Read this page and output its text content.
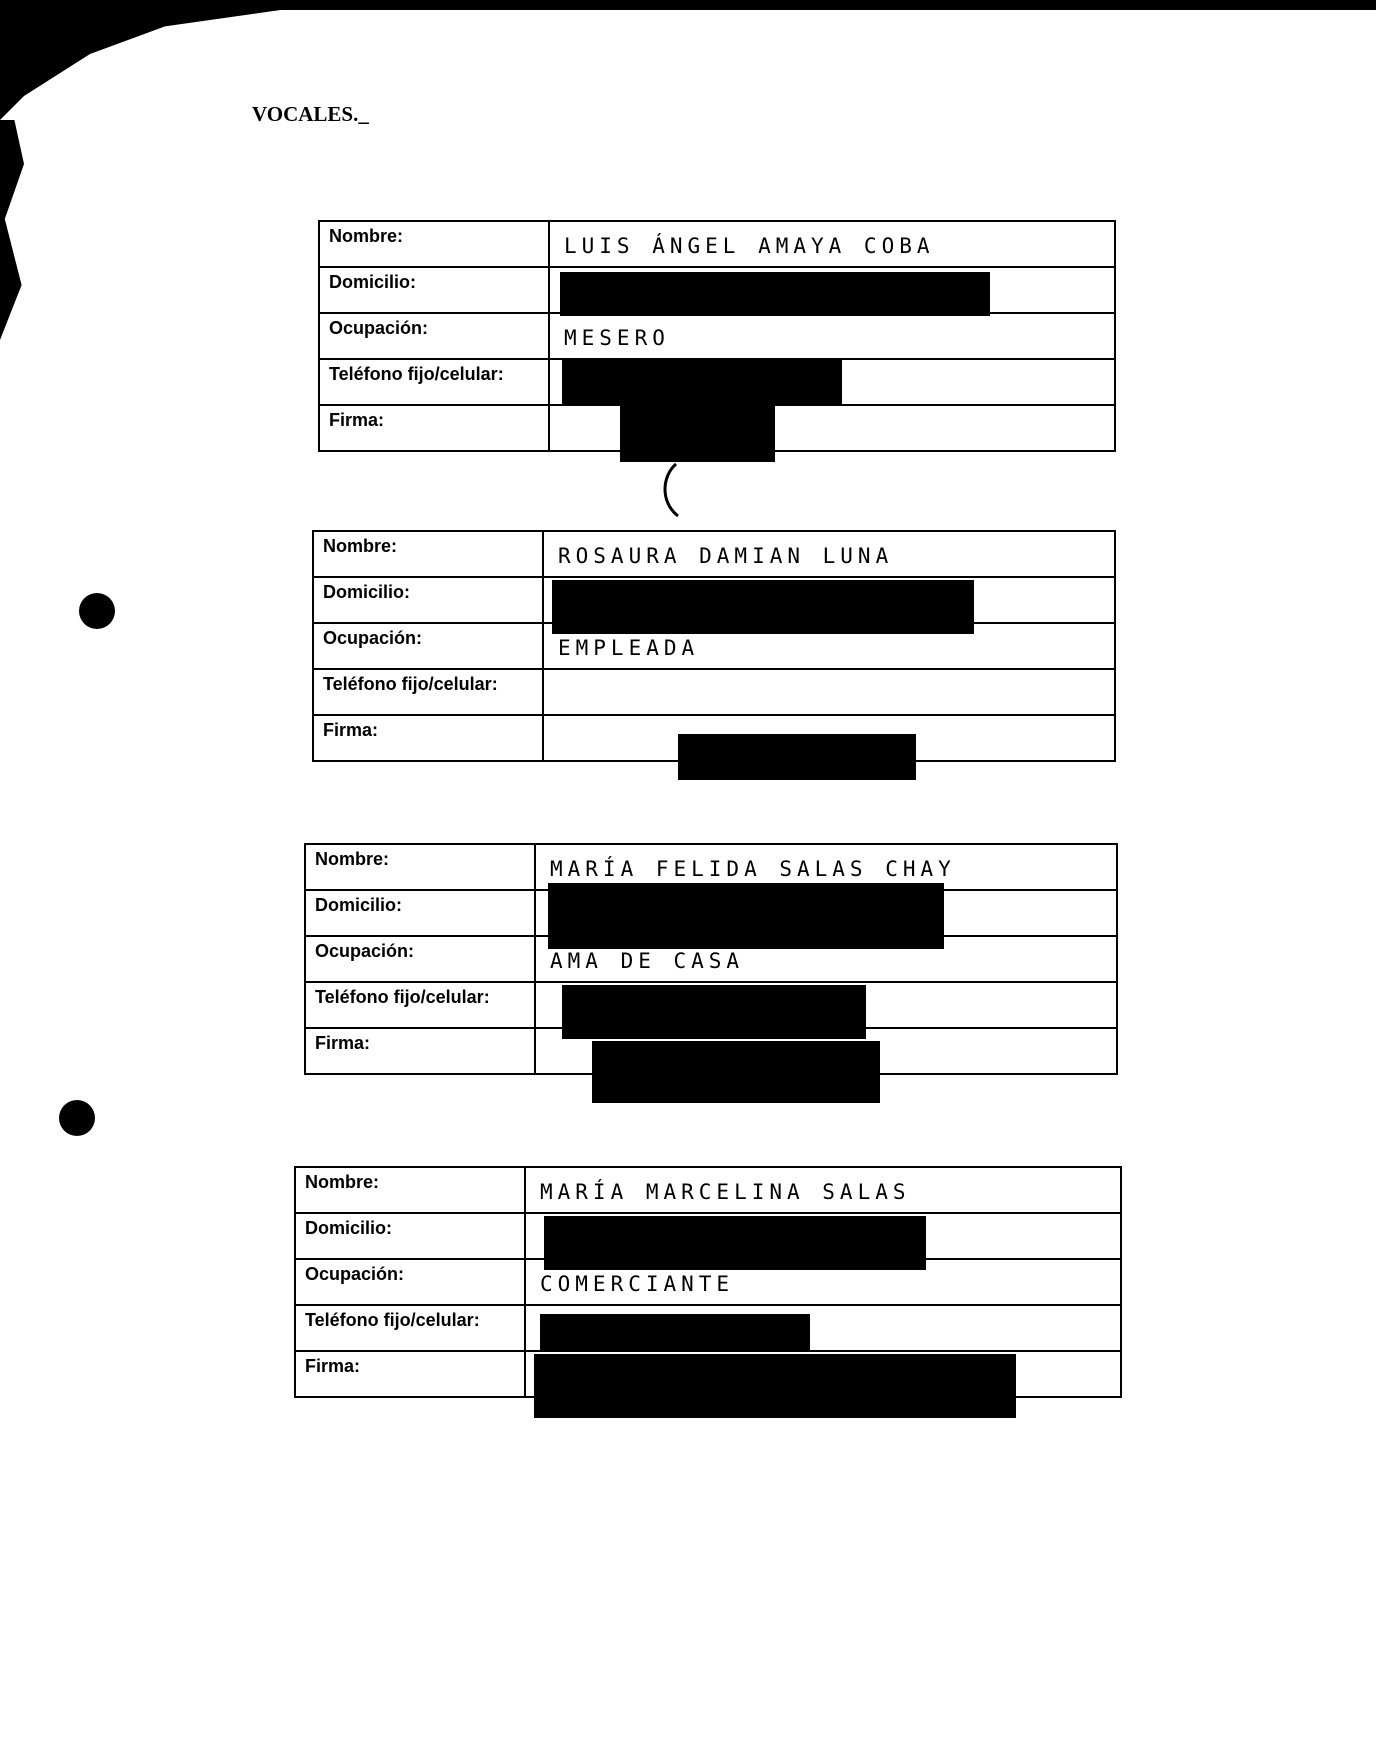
VOCALES._
Nombre:	LUIS ÁNGEL AMAYA COBA

Domicilio:	

Ocupación:	MESERO

Teléfono fijo/celular:	

Firma:	
Nombre:	ROSAURA DAMIAN LUNA

Domicilio:	

Ocupación:	EMPLEADA

Teléfono fijo/celular:	
Firma:	
Nombre:	MARÍA FELIDA SALAS CHAY

Domicilio:	

Ocupación:	AMA DE CASA

Teléfono fijo/celular:	

Firma:	
Nombre:	MARÍA MARCELINA SALAS

Domicilio:	

Ocupación:	COMERCIANTE

Teléfono fijo/celular:	

Firma:	
